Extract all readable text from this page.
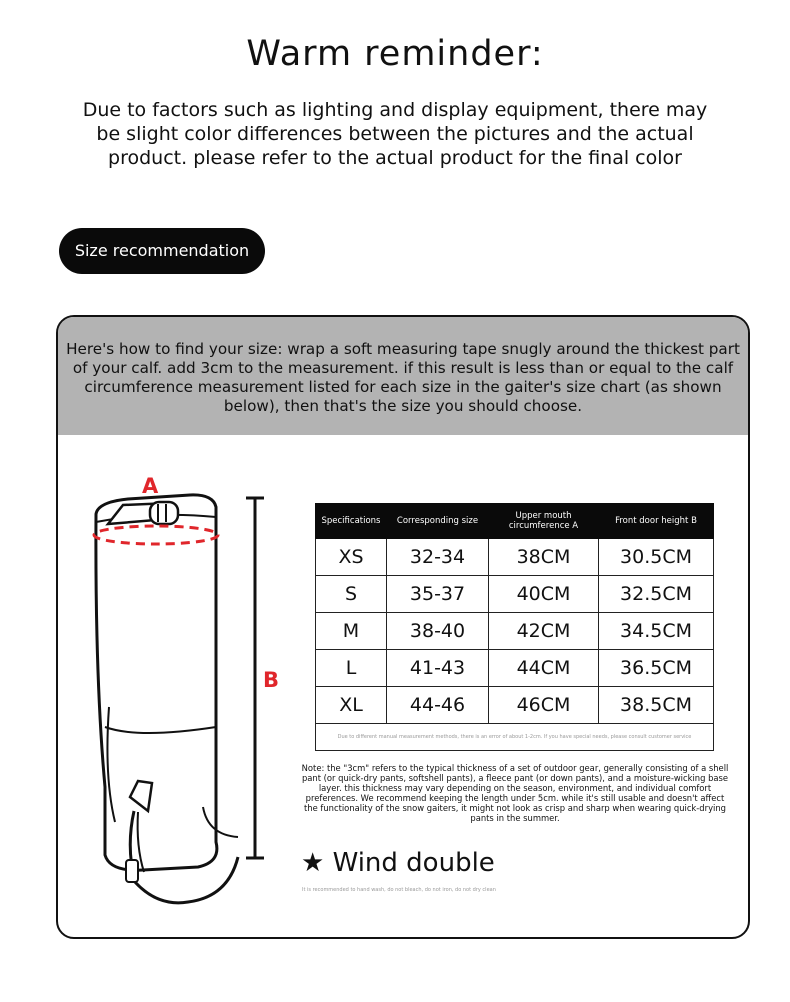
Warm reminder:
Due to factors such as lighting and display equipment, there may be slight color differences between the pictures and the actual product. please refer to the actual product for the final color
Size recommendation
Here's how to find your size: wrap a soft measuring tape snugly around the thickest part of your calf. add 3cm to the measurement. if this result is less than or equal to the calf circumference measurement listed for each size in the gaiter's size chart (as shown below), then that's the size you should choose.
A
B
Specifications	Corresponding size	Upper mouth circumference A	Front door height B
XS	32-34	38CM	30.5CM
S	35-37	40CM	32.5CM
M	38-40	42CM	34.5CM
L	41-43	44CM	36.5CM
XL	44-46	46CM	38.5CM
Due to different manual measurement methods, there is an error of about 1-2cm. If you have special needs, please consult customer service			
Note: the "3cm" refers to the typical thickness of a set of outdoor gear, generally consisting of a shell pant (or quick-dry pants, softshell pants), a fleece pant (or down pants), and a moisture-wicking base layer. this thickness may vary depending on the season, environment, and individual comfort preferences. We recommend keeping the length under 5cm. while it's still usable and doesn't affect the functionality of the snow gaiters, it might not look as crisp and sharp when wearing quick-drying pants in the summer.
★ Wind double
It is recommended to hand wash, do not bleach, do not iron, do not dry clean
